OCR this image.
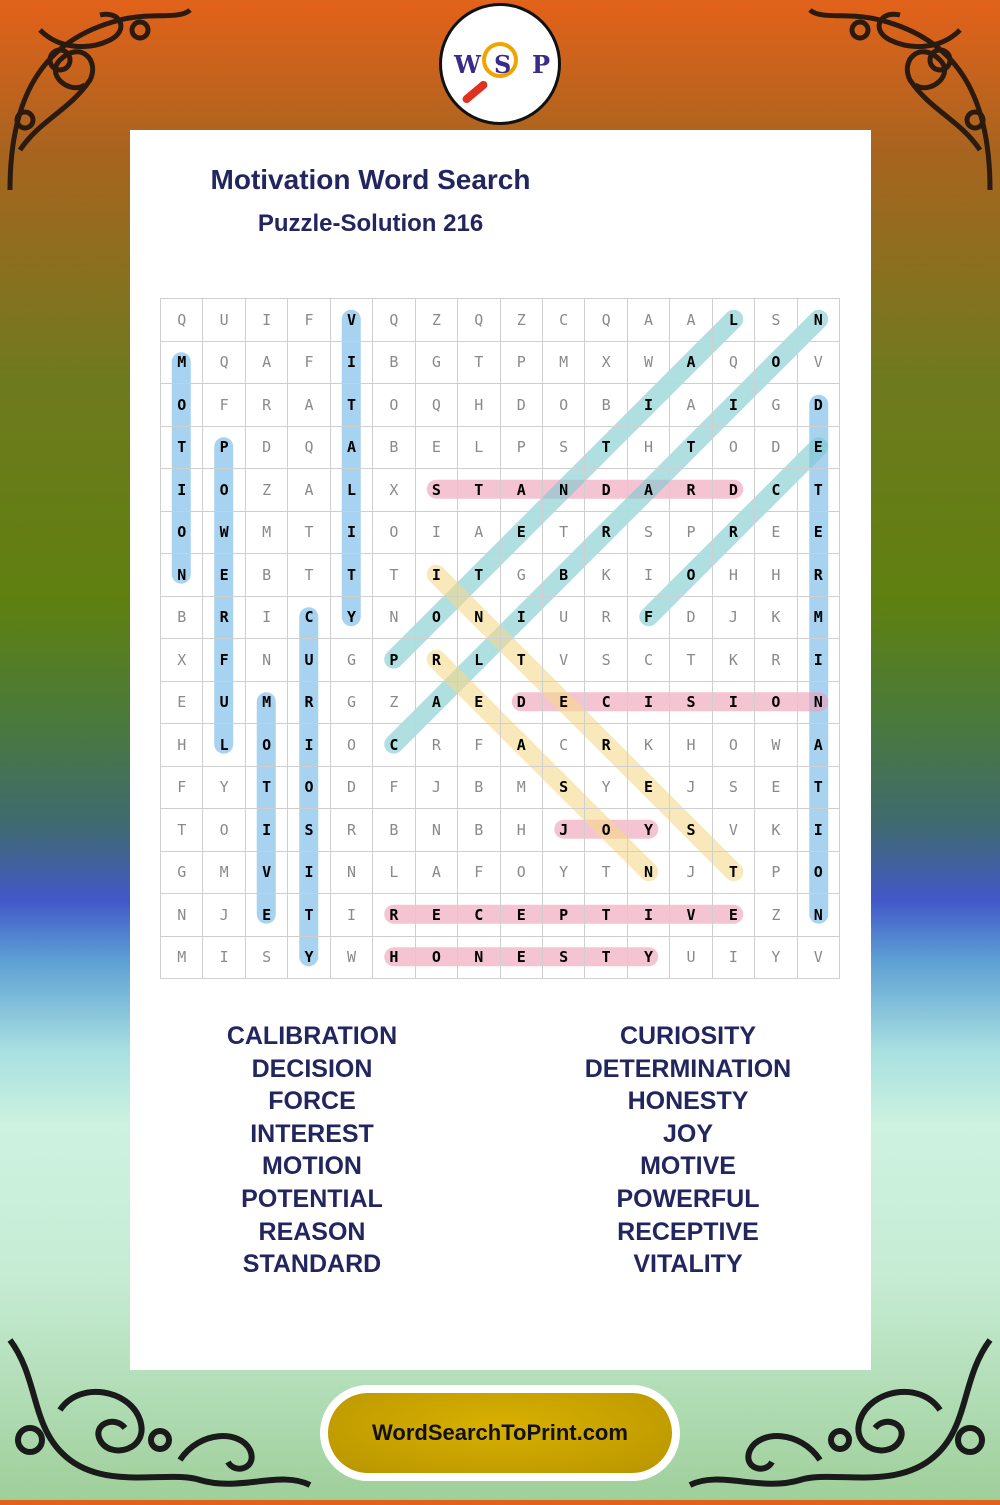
W S P
Motivation Word Search
Puzzle-Solution 216
Q	U	I	F	V	Q	Z	Q	Z	C	Q	A	A	L	S	N
M	Q	A	F	I	B	G	T	P	M	X	W	A	Q	O	V
O	F	R	A	T	O	Q	H	D	O	B	I	A	I	G	D
T	P	D	Q	A	B	E	L	P	S	T	H	T	O	D	E
I	O	Z	A	L	X	S	T	A	N	D	A	R	D	C	T
O	W	M	T	I	O	I	A	E	T	R	S	P	R	E	E
N	E	B	T	T	T	I	T	G	B	K	I	O	H	H	R
B	R	I	C	Y	N	O	N	I	U	R	F	D	J	K	M
X	F	N	U	G	P	R	L	T	V	S	C	T	K	R	I
E	U	M	R	G	Z	A	E	D	E	C	I	S	I	O	N
H	L	O	I	O	C	R	F	A	C	R	K	H	O	W	A
F	Y	T	O	D	F	J	B	M	S	Y	E	J	S	E	T
T	O	I	S	R	B	N	B	H	J	O	Y	S	V	K	I
G	M	V	I	N	L	A	F	O	Y	T	N	J	T	P	O
N	J	E	T	I	R	E	C	E	P	T	I	V	E	Z	N
M	I	S	Y	W	H	O	N	E	S	T	Y	U	I	Y	V
CALIBRATION
DECISION
FORCE
INTEREST
MOTION
POTENTIAL
REASON
STANDARD
CURIOSITY
DETERMINATION
HONESTY
JOY
MOTIVE
POWERFUL
RECEPTIVE
VITALITY
WordSearchToPrint.com
